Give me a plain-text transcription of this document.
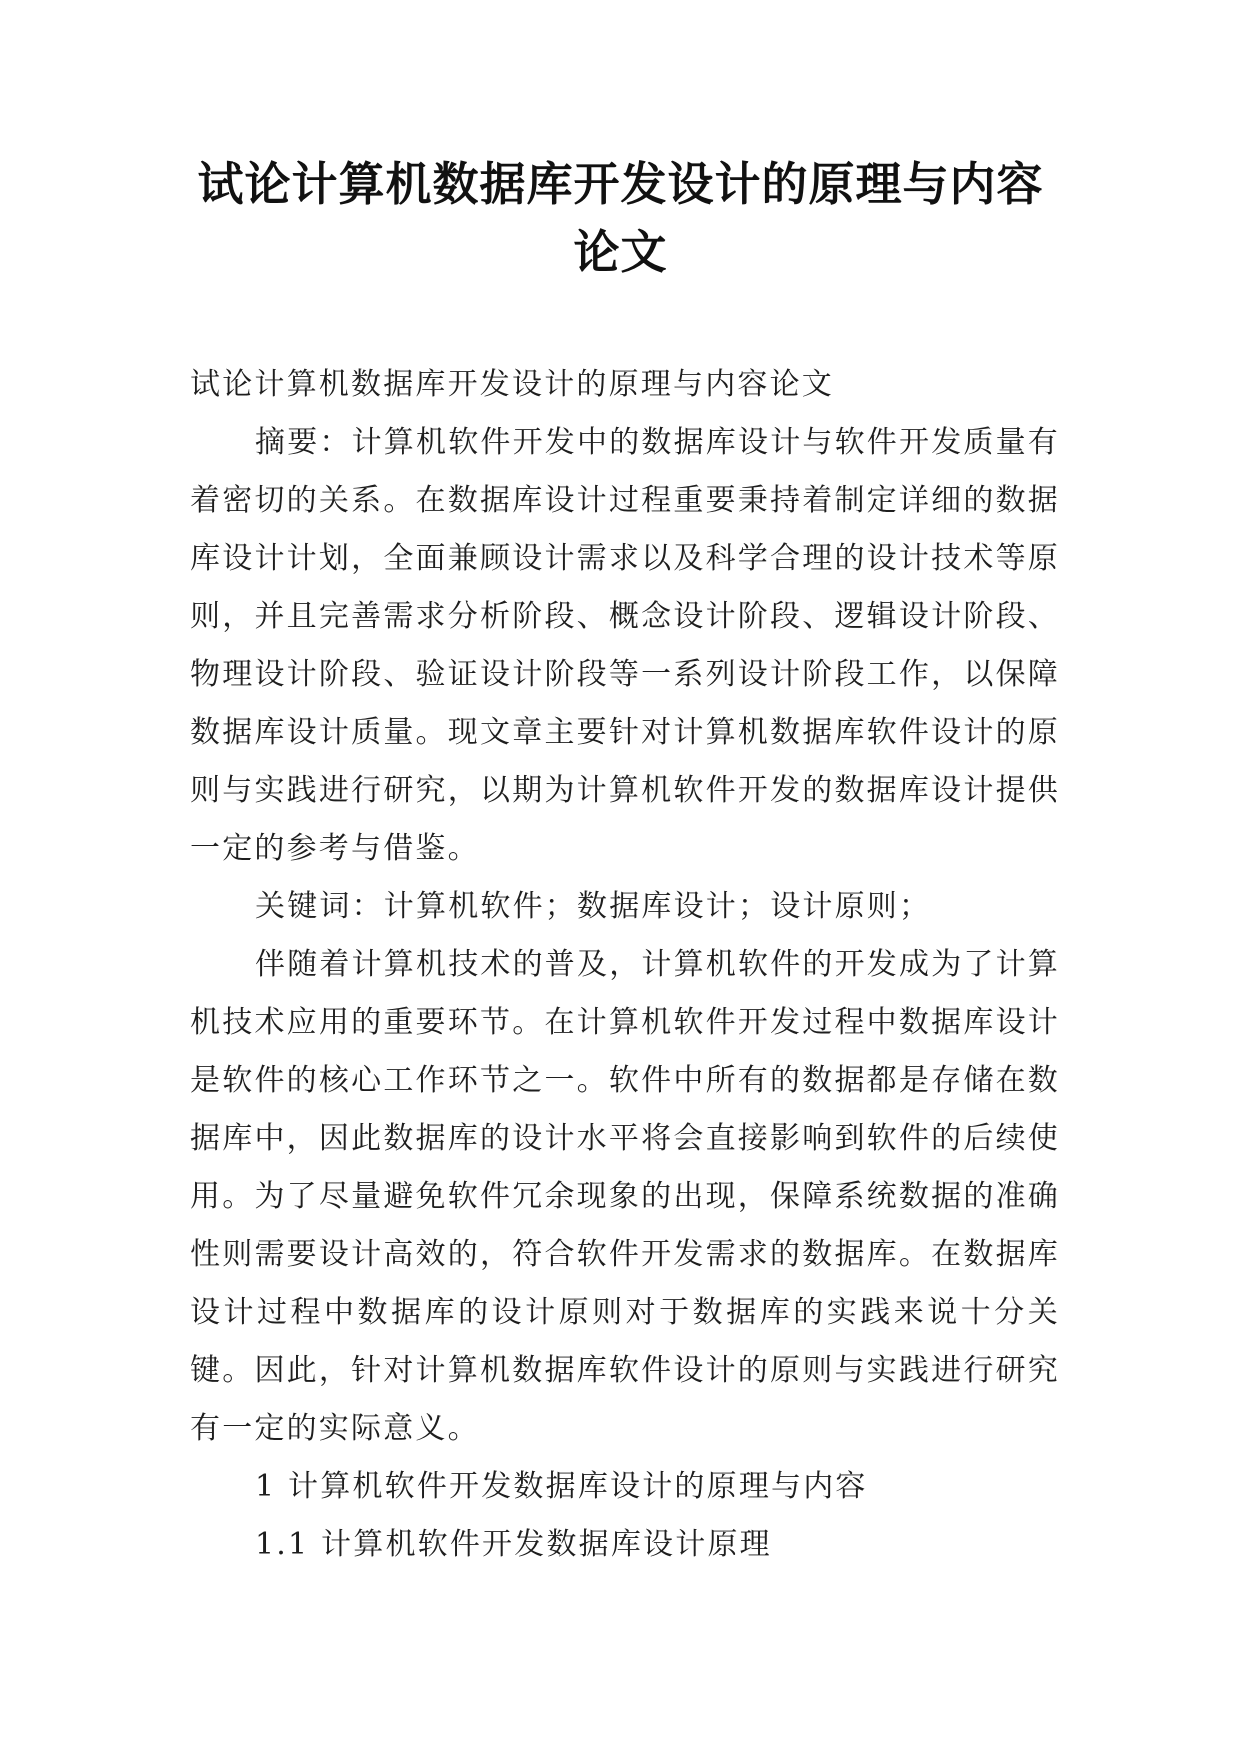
试论计算机数据库开发设计的原理与内容
论文

试论计算机数据库开发设计的原理与内容论文

摘要：计算机软件开发中的数据库设计与软件开发质量有着密切的关系。在数据库设计过程重要秉持着制定详细的数据库设计计划，全面兼顾设计需求以及科学合理的设计技术等原则，并且完善需求分析阶段、概念设计阶段、逻辑设计阶段、物理设计阶段、验证设计阶段等一系列设计阶段工作，以保障数据库设计质量。现文章主要针对计算机数据库软件设计的原则与实践进行研究，以期为计算机软件开发的数据库设计提供一定的参考与借鉴。

关键词：计算机软件；数据库设计；设计原则；

伴随着计算机技术的普及，计算机软件的开发成为了计算机技术应用的重要环节。在计算机软件开发过程中数据库设计是软件的核心工作环节之一。软件中所有的数据都是存储在数据库中，因此数据库的设计水平将会直接影响到软件的后续使用。为了尽量避免软件冗余现象的出现，保障系统数据的准确性则需要设计高效的，符合软件开发需求的数据库。在数据库设计过程中数据库的设计原则对于数据库的实践来说十分关键。因此，针对计算机数据库软件设计的原则与实践进行研究有一定的实际意义。

1 计算机软件开发数据库设计的原理与内容

1.1 计算机软件开发数据库设计原理
